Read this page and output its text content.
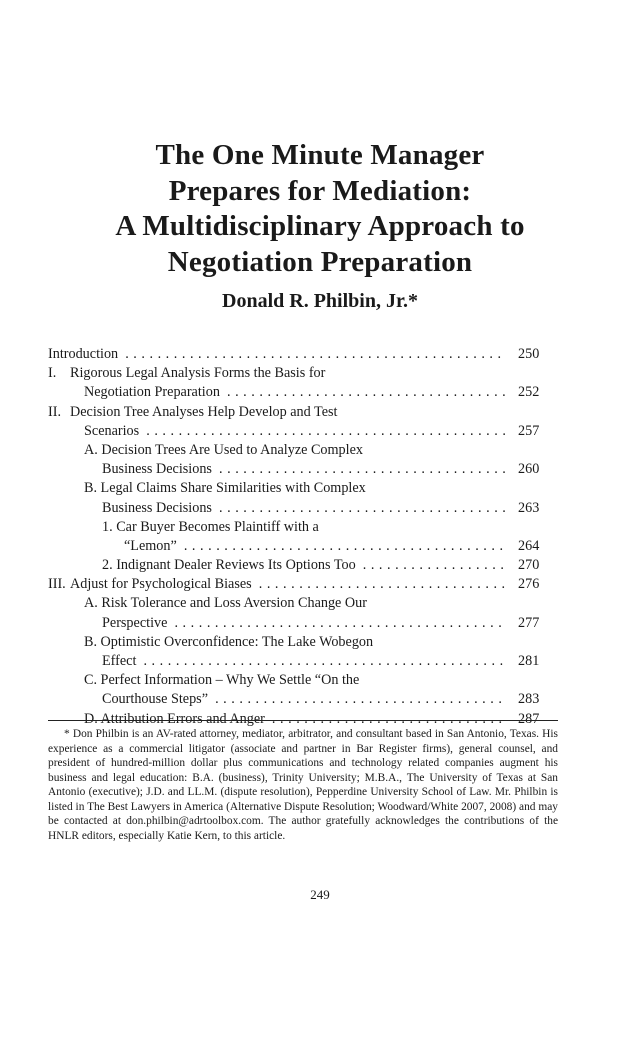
The One Minute Manager
Prepares for Mediation:
A Multidisciplinary Approach to
Negotiation Preparation
Donald R. Philbin, Jr.*
Introduction . . .	250
I. Rigorous Legal Analysis Forms the Basis for
Negotiation Preparation . . .	252
II. Decision Tree Analyses Help Develop and Test
Scenarios . . .	257
A. Decision Trees Are Used to Analyze Complex
Business Decisions . . .	260
B. Legal Claims Share Similarities with Complex
Business Decisions . . .	263
1. Car Buyer Becomes Plaintiff with a
“Lemon” . . .	264
2. Indignant Dealer Reviews Its Options Too . . .	270
III. Adjust for Psychological Biases . . .	276
A. Risk Tolerance and Loss Aversion Change Our
Perspective . . .	277
B. Optimistic Overconfidence: The Lake Wobegon
Effect . . .	281
C. Perfect Information – Why We Settle “On the
Courthouse Steps” . . .	283
D. Attribution Errors and Anger . . .	287

* Don Philbin is an AV-rated attorney, mediator, arbitrator, and consultant based in San Antonio, Texas. His experience as a commercial litigator (associate and partner in Bar Register firms), general counsel, and president of hundred-million dollar plus communications and technology related companies augment his business and legal education: B.A. (business), Trinity University; M.B.A., The University of Texas at San Antonio (executive); J.D. and LL.M. (dispute resolution), Pepperdine University School of Law. Mr. Philbin is listed in The Best Lawyers in America (Alternative Dispute Resolution; Woodward/White 2007, 2008) and may be contacted at don.philbin@adrtoolbox.com. The author gratefully acknowledges the contributions of the HNLR editors, especially Katie Kern, to this article.

249
